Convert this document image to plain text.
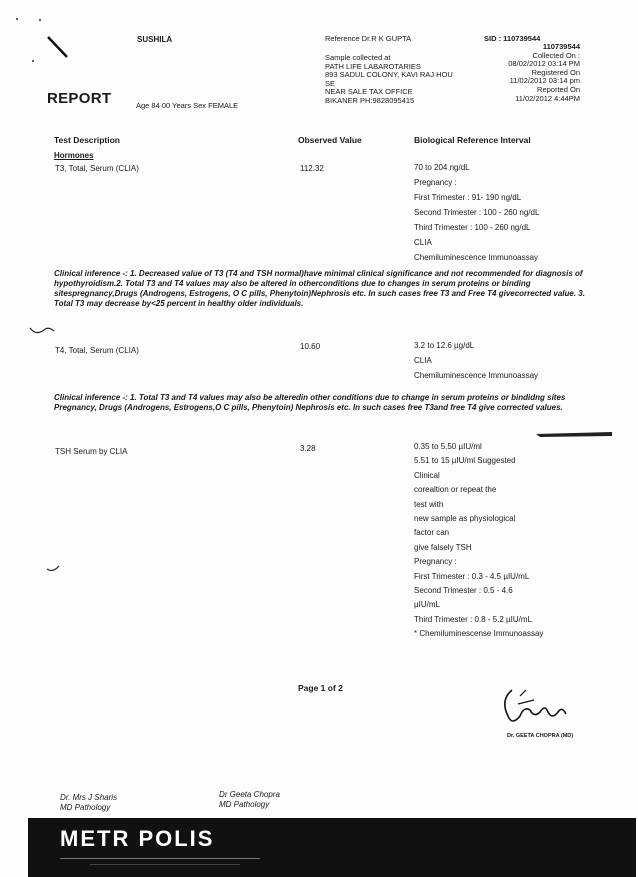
SUSHILA
REPORT	Age 84 00 Years Sex FEMALE
Reference Dr.R K GUPTA
Sample collected at
PATH LIFE LABAROTARIES
893 SADUL COLONY, KAVI RAJ HOU
SE
NEAR SALE TAX OFFICE
BIKANER PH:9828095415
SID : 110739544
110739544
Collected On :
08/02/2012 03:14 PM
Registered On
11/02/2012 03:14 pm
Reported On
11/02/2012 4:44PM
Test Description	Observed Value	Biological Reference Interval
Hormones
T3, Total, Serum (CLIA)	112.32	70 to 204 ng/dL
Pregnancy :
First Trimester : 91- 190 ng/dL
Second Trimester : 100 - 260 ng/dL
Third Trimester : 100 - 260 ng/dL
CLIA
Chemiluminescence Immunoassay
Clinical inference -: 1. Decreased value of T3 (T4 and TSH normal)have minimal clinical significance and not recommended for diagnosis of hypothyroidism.2. Total T3 and T4 values may also be altered in otherconditions due to changes in serum proteins or binding sitespregnancy,Drugs (Androgens, Estrogens, O C pills, Phenytoin)Nephrosis etc. In such cases free T3 and Free T4 givecorrected value. 3. Total T3 may decrease by<25 percent in healthy older individuals.
T4, Total, Serum (CLIA)	10.60	3.2 to 12.6 µg/dL
CLIA
Chemiluminescence Immunoassay
Clinical inference -: 1. Total T3 and T4 values may also be alteredin other conditions due to change in serum proteins or bindidng sites Pregnancy, Drugs (Androgens, Estrogens,O C pills, Phenytoin) Nephrosis etc. In such cases free T3and free T4 give corrected values.
TSH Serum by CLIA	3.28	0.35 to 5.50 µIU/ml
5.51 to 15 µIU/ml Suggested
Clinical
corealtion or repeat the
test with
new sample as physiological
factor can
give falsely TSH
Pregnancy :
First Trimester : 0.3 - 4.5 µIU/mL
Second Trimester : 0.5 - 4.6
µIU/mL
Third Trimester : 0.8 - 5.2 µIU/mL
* Chemiluminescense Immunoassay
Page 1 of 2
Dr. GEETA CHOPRA (MD)
Dr. Mrs J Sharis
MD Pathology
Dr Geeta Chopra
MD Pathology
METR POLIS
